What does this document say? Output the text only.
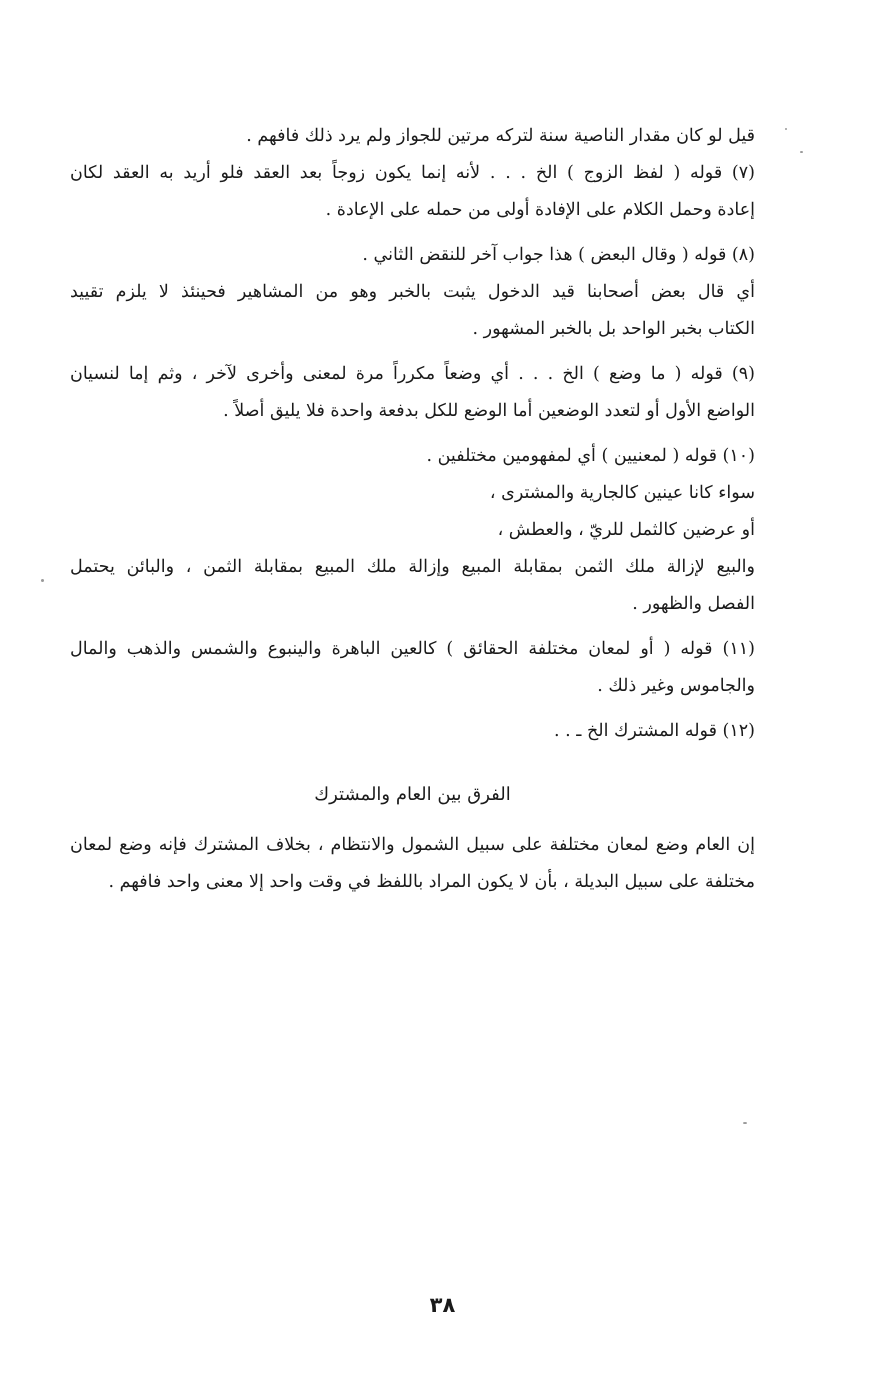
قيل لو كان مقدار الناصية سنة لتركه مرتين للجواز ولم يرد ذلك فافهم .
(٧) قوله ( لفظ الزوج ) الخ . . . لأنه إنما يكون زوجاً بعد العقد فلو أريد به العقد لكان
إعادة وحمل الكلام على الإفادة أولى من حمله على الإعادة .
(٨) قوله ( وقال البعض ) هذا جواب آخر للنقض الثاني .
أي قال بعض أصحابنا قيد الدخول يثبت بالخبر وهو من المشاهير فحينئذ لا يلزم تقييد
الكتاب بخبر الواحد بل بالخبر المشهور .
(٩) قوله ( ما وضع ) الخ . . . أي وضعاً مكرراً مرة لمعنى وأخرى لآخر ، وثم إما لنسيان
الواضع الأول أو لتعدد الوضعين أما الوضع للكل بدفعة واحدة فلا يليق أصلاً .
(١٠) قوله ( لمعنيين ) أي لمفهومين مختلفين .
سواء كانا عينين كالجارية والمشترى ،
أو عرضين كالثمل للريّ ، والعطش ،
والبيع لإزالة ملك الثمن بمقابلة المبيع وإزالة ملك المبيع بمقابلة الثمن ، والبائن يحتمل
الفصل والظهور .
(١١) قوله ( أو لمعان مختلفة الحقائق ) كالعين الباهرة والينبوع والشمس والذهب والمال
والجاموس وغير ذلك .
(١٢) قوله المشترك الخ ـ . .
الفرق بين العام والمشترك
إن العام وضع لمعان مختلفة على سبيل الشمول والانتظام ، بخلاف المشترك فإنه وضع لمعان
مختلفة على سبيل البديلة ، بأن لا يكون المراد باللفظ في وقت واحد إلا معنى واحد فافهم .
٣٨
